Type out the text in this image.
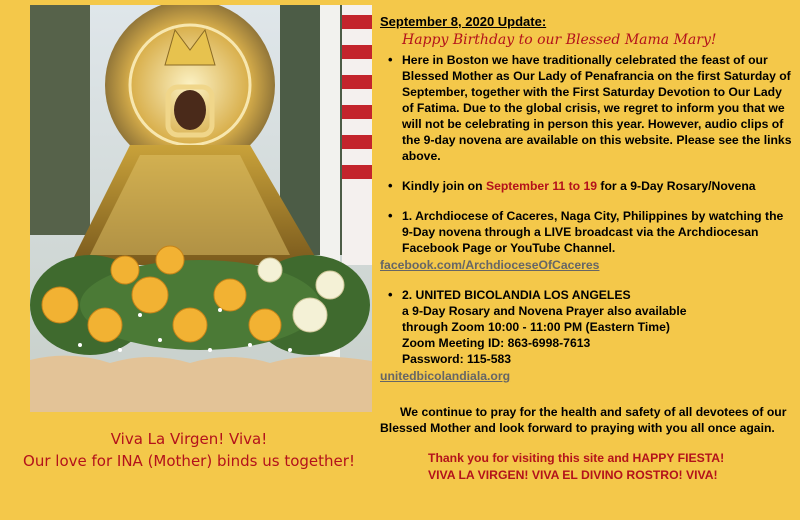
Viva La Virgen! Viva!
Our love for INA (Mother) binds us together!

September 8, 2020 Update:

Happy Birthday to our Blessed Mama Mary!
• Here in Boston we have traditionally celebrated the feast of our Blessed Mother as Our Lady of Penafrancia on the first Saturday of September, together with the First Saturday Devotion to Our Lady of Fatima. Due to the global crisis, we regret to inform you that we will not be celebrating in person this year. However, audio clips of the 9-day novena are available on this website. Please see the links above.
• Kindly join on September 11 to 19 for a 9-Day Rosary/Novena
• 1. Archdiocese of Caceres, Naga City, Philippines by watching the 9-Day novena through a LIVE broadcast via the Archdiocesan Facebook Page or YouTube Channel.
facebook.com/ArchdioceseOfCaceres
• 2. UNITED BICOLANDIA LOS ANGELES
a 9-Day Rosary and Novena Prayer also available
through Zoom 10:00 - 11:00 PM (Eastern Time)
Zoom Meeting ID: 863-6998-7613
Password: 115-583
unitedbicolandiala.org
We continue to pray for the health and safety of all devotees of our Blessed Mother and look forward to praying with you all once again.
Thank you for visiting this site and HAPPY FIESTA!
VIVA LA VIRGEN! VIVA EL DIVINO ROSTRO! VIVA!
